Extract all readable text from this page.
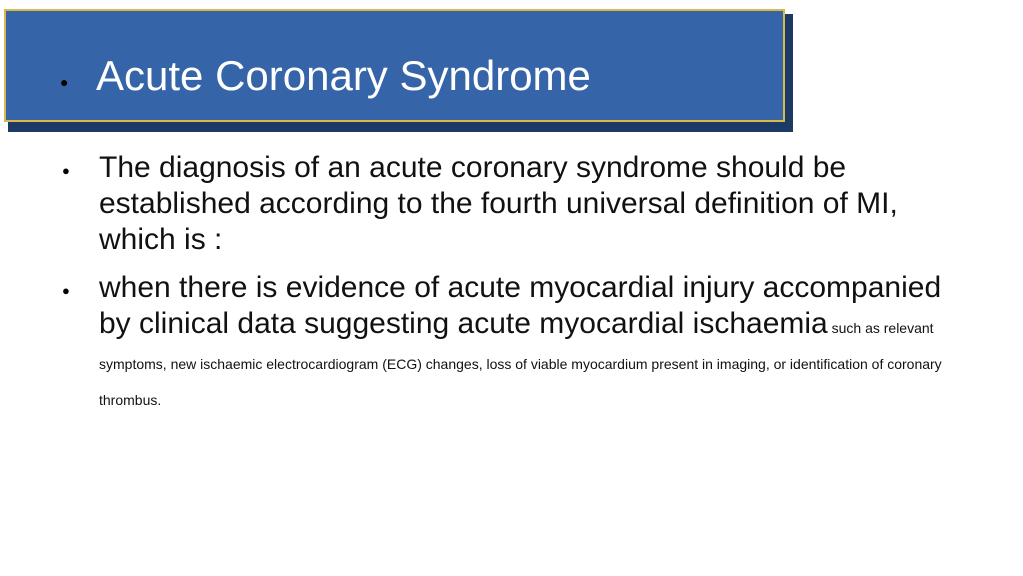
● Acute Coronary Syndrome
● The diagnosis of an acute coronary syndrome should be established according to the fourth universal definition of MI, which is :
● when there is evidence of acute myocardial injury accompanied by clinical data suggesting acute myocardial ischaemia such as relevant symptoms, new ischaemic electrocardiogram (ECG) changes, loss of viable myocardium present in imaging, or identification of coronary thrombus.
